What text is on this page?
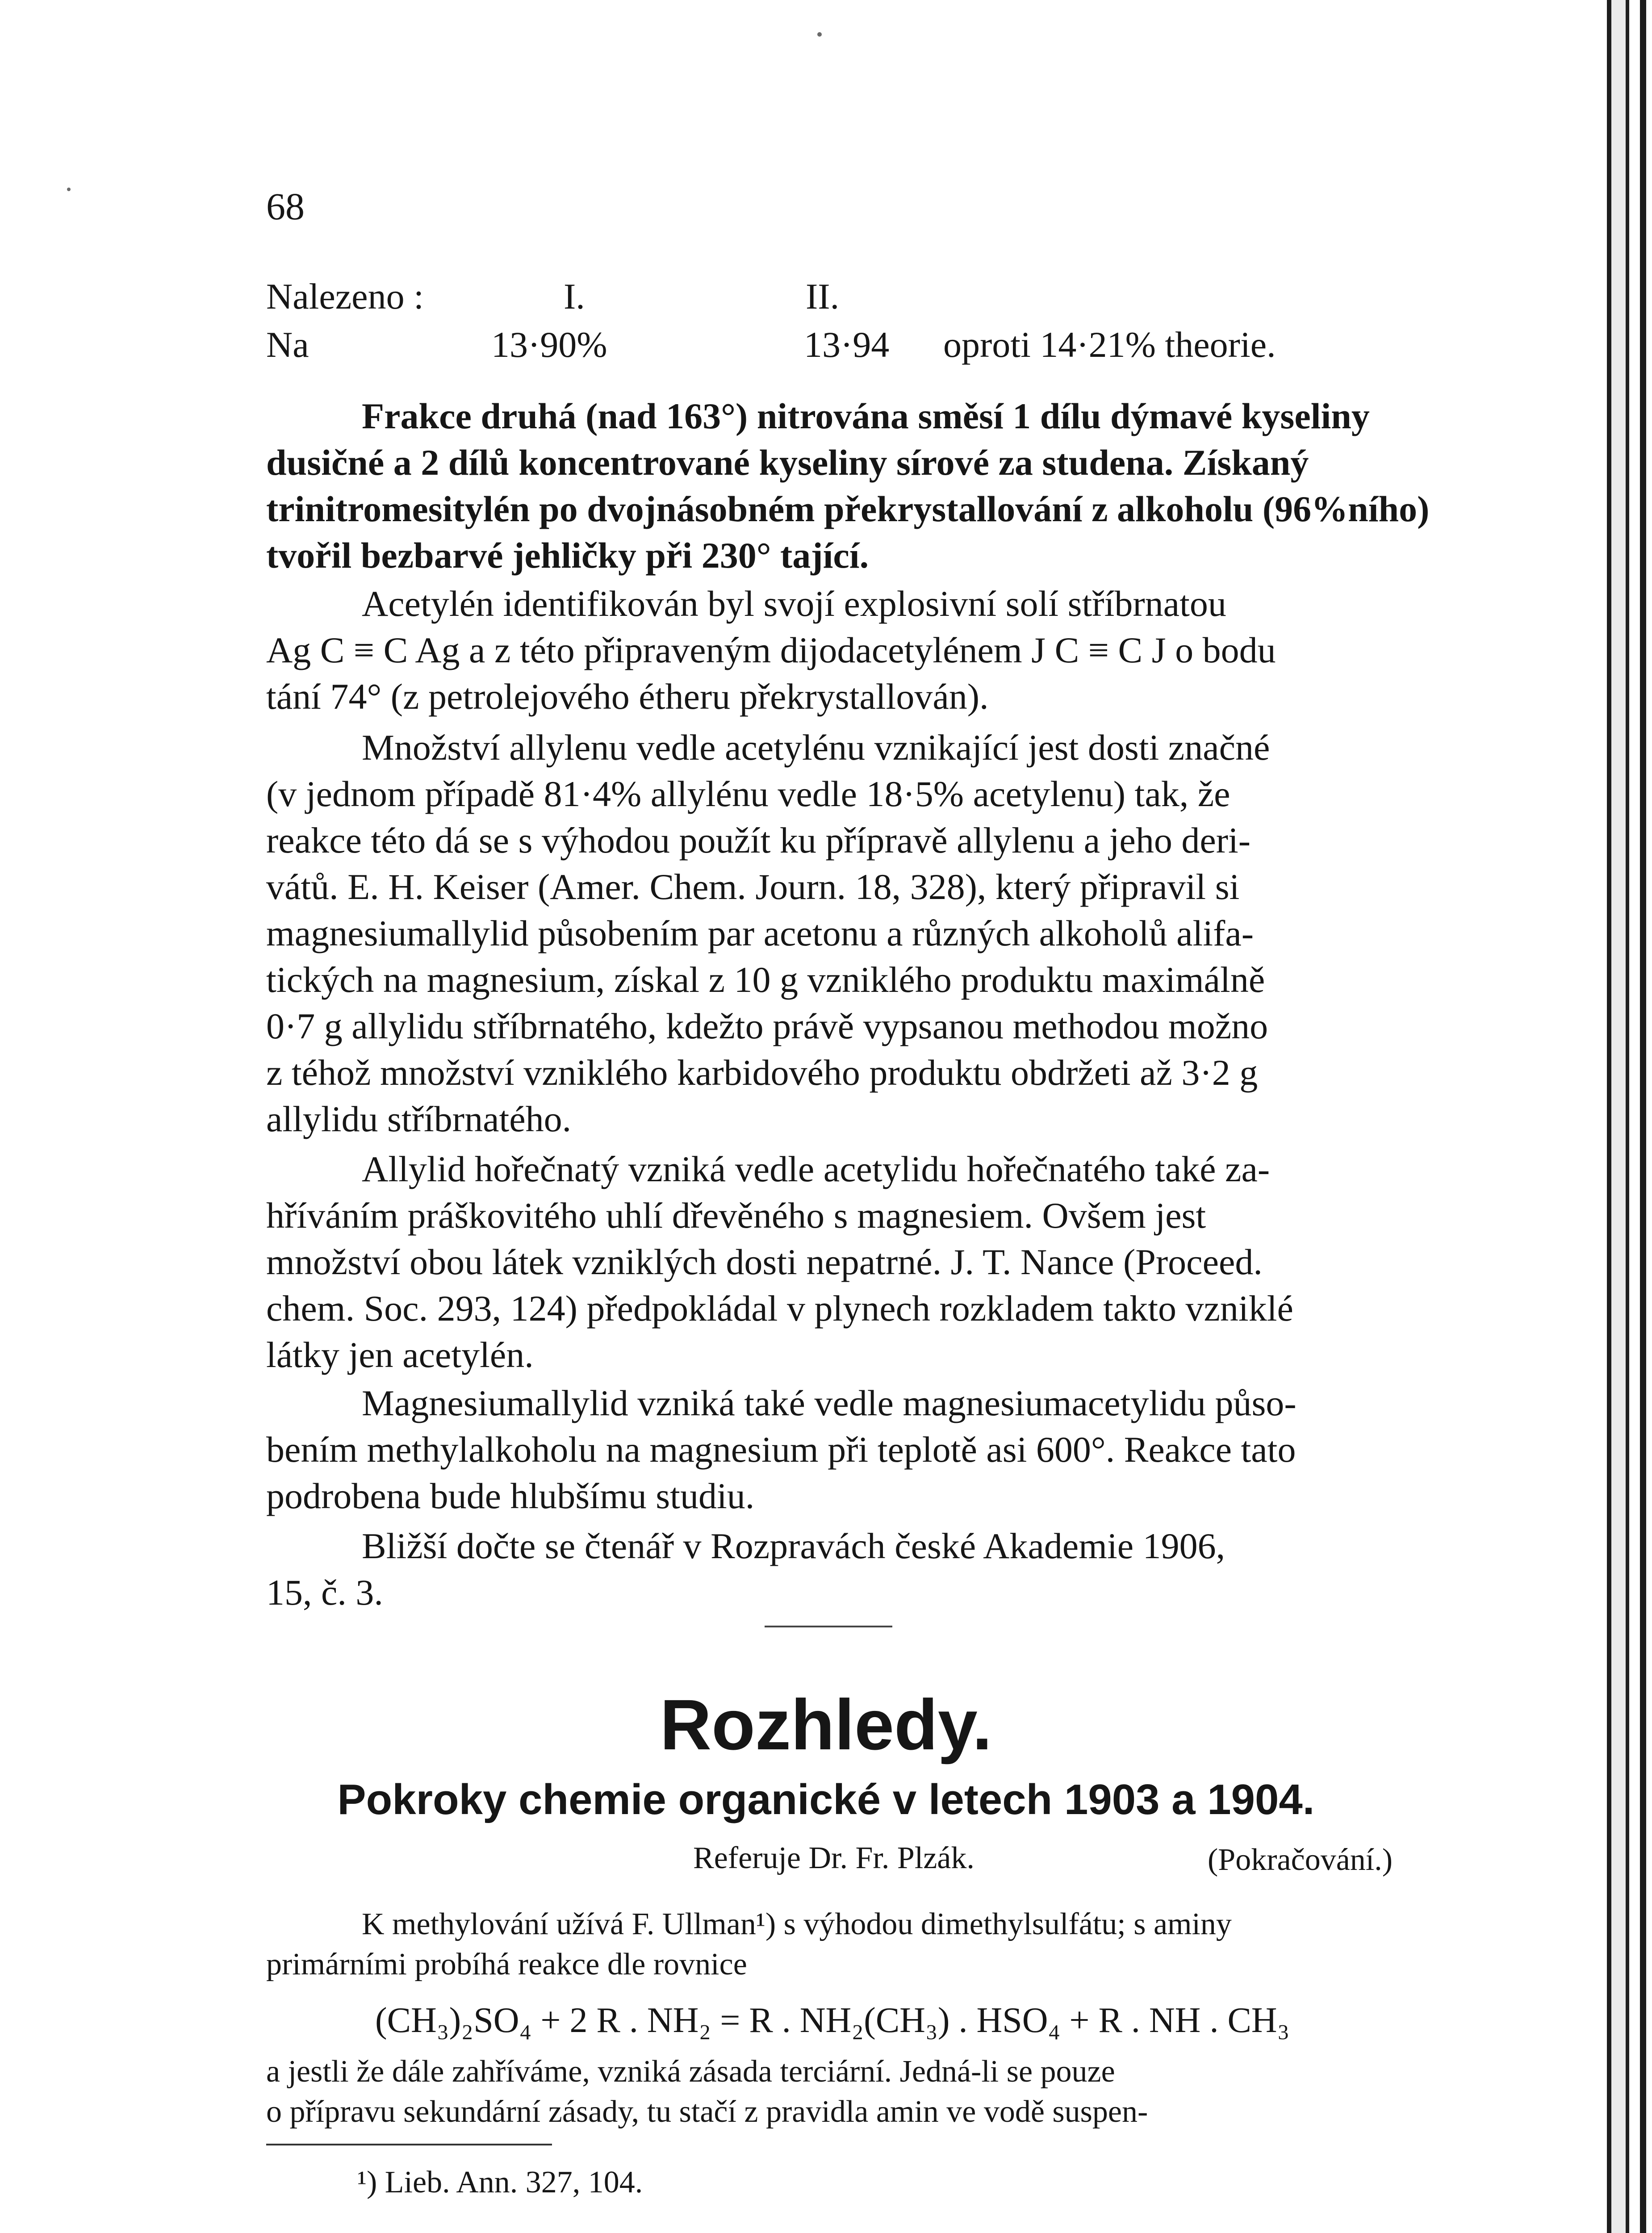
68

Nalezeno :	I.	II.

Na	13·90%	13·94 oproti 14·21% theorie.

Frakce druhá (nad 163°) nitrována směsí 1 dílu dýmavé kyseliny

dusičné a 2 dílů koncentrované kyseliny sírové za studena. Získaný

trinitromesitylén po dvojnásobném překrystallování z alkoholu (96%ního)

tvořil bezbarvé jehličky při 230° tající.

Acetylén identifikován byl svojí explosivní solí stříbrnatou

Ag C ≡ C Ag a z této připraveným dijodacetylénem J C ≡ C J o bodu

tání 74° (z petrolejového étheru překrystallován).

Množství allylenu vedle acetylénu vznikající jest dosti značné

(v jednom případě 81·4% allylénu vedle 18·5% acetylenu) tak, že

reakce této dá se s výhodou použít ku přípravě allylenu a jeho deri-

vátů. E. H. Keiser (Amer. Chem. Journ. 18, 328), který připravil si

magnesiumallylid působením par acetonu a různých alkoholů alifa-

tických na magnesium, získal z 10 g vzniklého produktu maximálně

0·7 g allylidu stříbrnatého, kdežto právě vypsanou methodou možno

z téhož množství vzniklého karbidového produktu obdržeti až 3·2 g

allylidu stříbrnatého.

Allylid hořečnatý vzniká vedle acetylidu hořečnatého také za-

hříváním práškovitého uhlí dřevěného s magnesiem. Ovšem jest

množství obou látek vzniklých dosti nepatrné. J. T. Nance (Proceed.

chem. Soc. 293, 124) předpokládal v plynech rozkladem takto vzniklé

látky jen acetylén.

Magnesiumallylid vzniká také vedle magnesiumacetylidu půso-

bením methylalkoholu na magnesium při teplotě asi 600°. Reakce tato

podrobena bude hlubšímu studiu.

Bližší dočte se čtenář v Rozpravách české Akademie 1906,

15, č. 3.

Rozhledy.

Pokroky chemie organické v letech 1903 a 1904.

Referuje Dr. Fr. Plzák.	(Pokračování.)

K methylování užívá F. Ullman¹) s výhodou dimethylsulfátu; s aminy

primárními probíhá reakce dle rovnice

(CH₃)₂SO₄ + 2 R . NH₂ = R . NH₂(CH₃) . HSO₄ + R . NH . CH₃

a jestli že dále zahříváme, vzniká zásada terciární. Jedná-li se pouze

o přípravu sekundární zásady, tu stačí z pravidla amin ve vodě suspen-

¹) Lieb. Ann. 327, 104.
